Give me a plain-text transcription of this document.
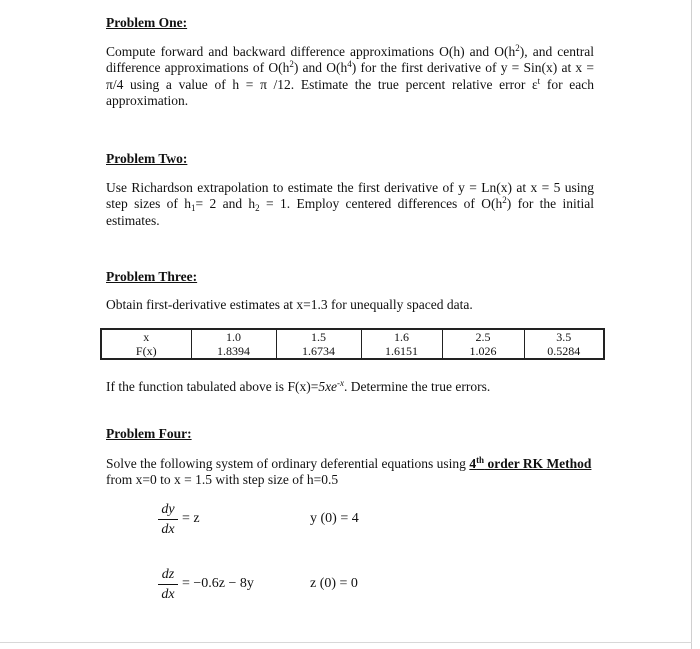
Problem One:

Compute forward and backward difference approximations O(h) and $O(h^2)$, and central difference approximations of $O(h^2)$ and $O(h^4)$ for the first derivative of y = Sin(x) at x = π/4 using a value of h = π /12. Estimate the true percent relative error $\varepsilon^t$ for each approximation.

Problem Two:

Use Richardson extrapolation to estimate the first derivative of y = Ln(x) at x = 5 using step sizes of $h_1= 2$ and $h_2 = 1$. Employ centered differences of $O(h^2)$ for the initial estimates.

Problem Three:

Obtain first-derivative estimates at x=1.3 for unequally spaced data.

x	1.0	1.5	1.6	2.5	3.5
F(x)	1.8394	1.6734	1.6151	1.026	0.5284

If the function tabulated above is $F(x)=5xe^{-x}$. Determine the true errors.

Problem Four:

Solve the following system of ordinary deferential equations using 4th order RK Method
from x=0 to x = 1.5 with step size of h=0.5

dy
dx
= z	y (0) = 4
dz
dx
= −0.6z − 8y	z (0) = 0
